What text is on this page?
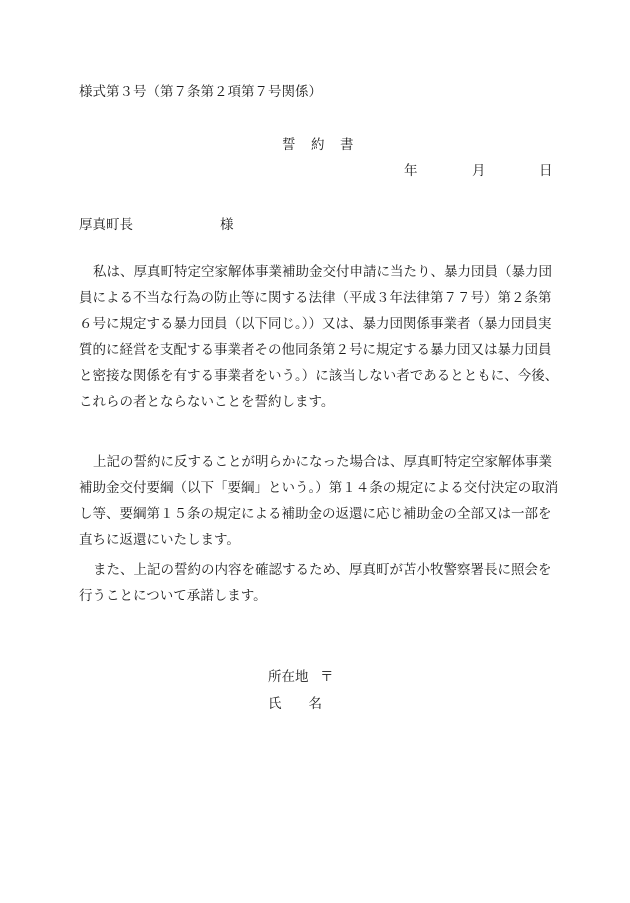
様式第３号（第７条第２項第７号関係）
誓　約　書
年	月	日
厚真町長	様
私は、厚真町特定空家解体事業補助金交付申請に当たり、暴力団員（暴力団
員による不当な行為の防止等に関する法律（平成３年法律第７７号）第２条第
６号に規定する暴力団員（以下同じ。））又は、暴力団関係事業者（暴力団員実
質的に経営を支配する事業者その他同条第２号に規定する暴力団又は暴力団員
と密接な関係を有する事業者をいう。）に該当しない者であるとともに、今後、
これらの者とならないことを誓約します。
上記の誓約に反することが明らかになった場合は、厚真町特定空家解体事業
補助金交付要綱（以下「要綱」という。）第１４条の規定による交付決定の取消
し等、要綱第１５条の規定による補助金の返還に応じ補助金の全部又は一部を
直ちに返還にいたします。
また、上記の誓約の内容を確認するため、厚真町が苫小牧警察署長に照会を
行うことについて承諾します。
所在地 〒
氏　　名
